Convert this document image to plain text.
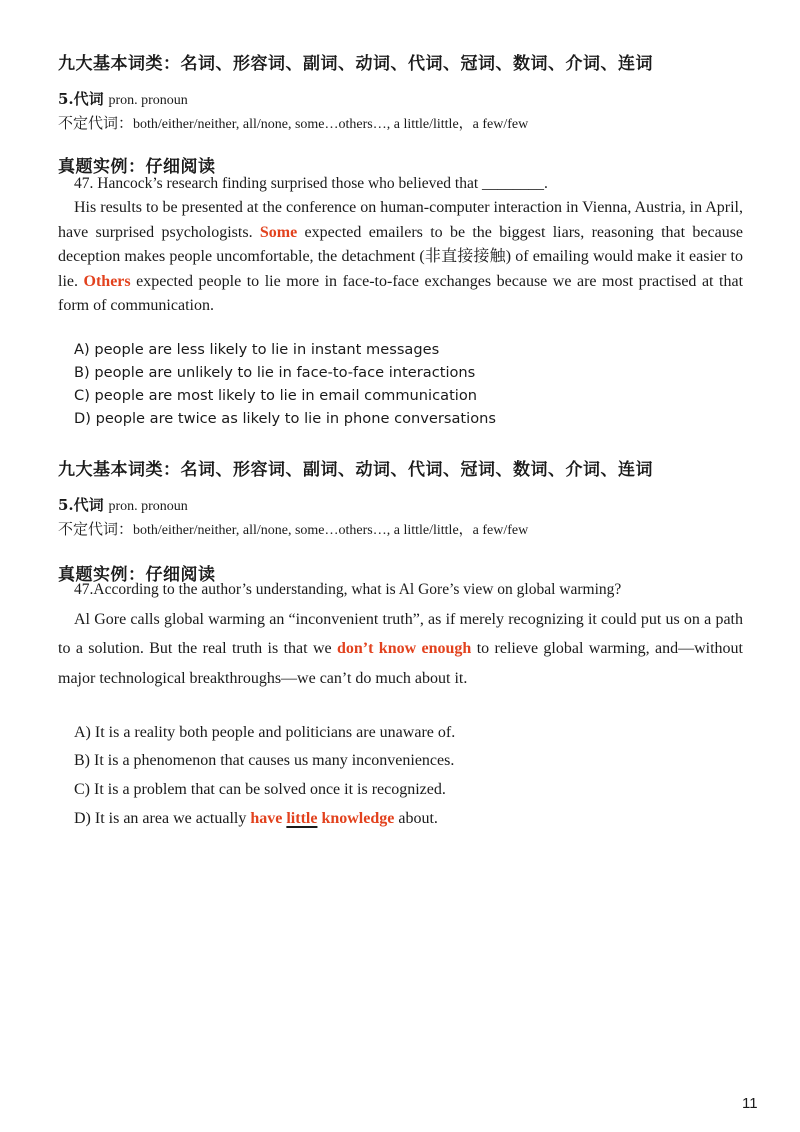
九大基本词类：名词、形容词、副词、动词、代词、冠词、数词、介词、连词
5.代词 pron. pronoun
不定代词：both/either/neither, all/none, some…others…, a little/little，a few/few
真题实例：仔细阅读
47. Hancock’s research finding surprised those who believed that ________.
His results to be presented at the conference on human-computer interaction in Vienna, Austria, in April, have surprised psychologists. Some expected emailers to be the biggest liars, reasoning that because deception makes people uncomfortable, the detachment (非直接接触) of emailing would make it easier to lie. Others expected people to lie more in face-to-face exchanges because we are most practised at that form of communication.
A) people are less likely to lie in instant messages
B) people are unlikely to lie in face-to-face interactions
C) people are most likely to lie in email communication
D) people are twice as likely to lie in phone conversations
九大基本词类：名词、形容词、副词、动词、代词、冠词、数词、介词、连词
5.代词 pron. pronoun
不定代词：both/either/neither, all/none, some…others…, a little/little，a few/few
真题实例：仔细阅读
47.According to the author’s understanding, what is Al Gore’s view on global warming?
Al Gore calls global warming an “inconvenient truth”, as if merely recognizing it could put us on a path to a solution. But the real truth is that we don’t know enough to relieve global warming, and—without major technological breakthroughs—we can’t do much about it.
A) It is a reality both people and politicians are unaware of.
B) It is a phenomenon that causes us many inconveniences.
C) It is a problem that can be solved once it is recognized.
D) It is an area we actually have little knowledge about.
11
